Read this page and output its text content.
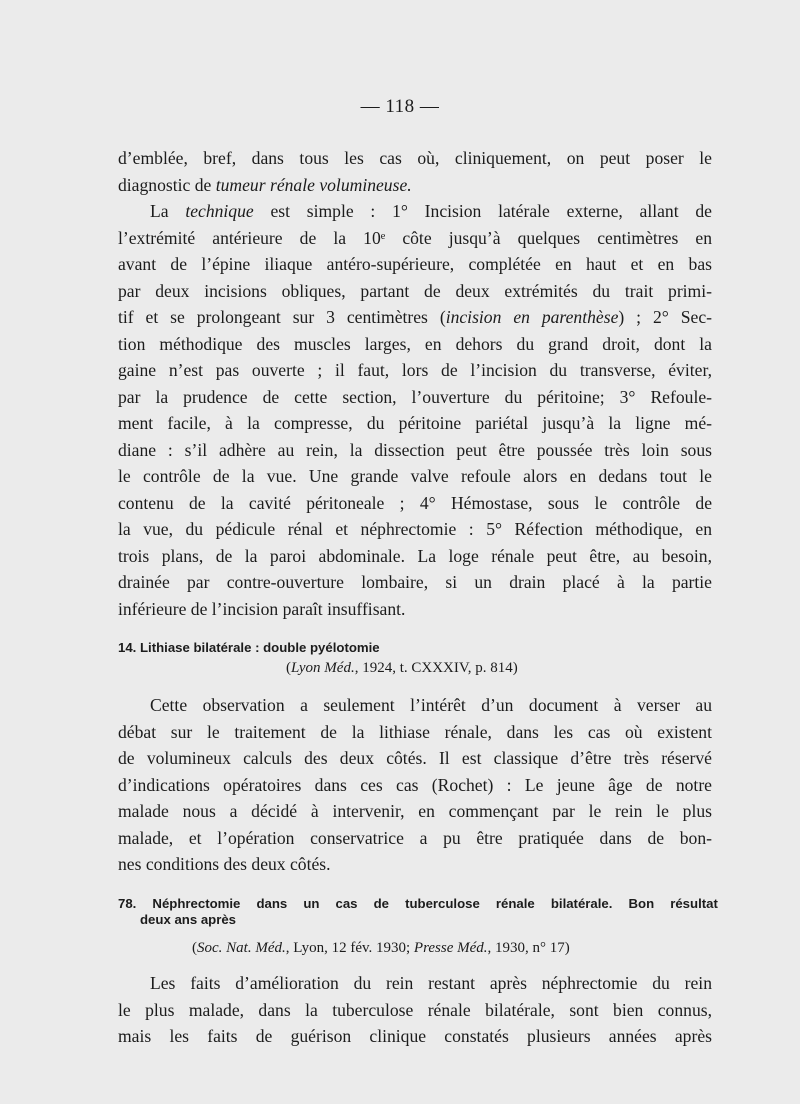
— 118 —
d’emblée, bref, dans tous les cas où, cliniquement, on peut poser le
diagnostic de tumeur rénale volumineuse.
La technique est simple : 1° Incision latérale externe, allant de
l’extrémité antérieure de la 10ᵉ côte jusqu’à quelques centimètres en
avant de l’épine iliaque antéro-supérieure, complétée en haut et en bas
par deux incisions obliques, partant de deux extrémités du trait primi-
tif et se prolongeant sur 3 centimètres (incision en parenthèse) ; 2° Sec-
tion méthodique des muscles larges, en dehors du grand droit, dont la
gaine n’est pas ouverte ; il faut, lors de l’incision du transverse, éviter,
par la prudence de cette section, l’ouverture du péritoine; 3° Refoule-
ment facile, à la compresse, du péritoine pariétal jusqu’à la ligne mé-
diane : s’il adhère au rein, la dissection peut être poussée très loin sous
le contrôle de la vue. Une grande valve refoule alors en dedans tout le
contenu de la cavité péritoneale ; 4° Hémostase, sous le contrôle de
la vue, du pédicule rénal et néphrectomie : 5° Réfection méthodique, en
trois plans, de la paroi abdominale. La loge rénale peut être, au besoin,
drainée par contre-ouverture lombaire, si un drain placé à la partie
inférieure de l’incision paraît insuffisant.
14. Lithiase bilatérale : double pyélotomie
(Lyon Méd., 1924, t. CXXXIV, p. 814)
Cette observation a seulement l’intérêt d’un document à verser au
débat sur le traitement de la lithiase rénale, dans les cas où existent
de volumineux calculs des deux côtés. Il est classique d’être très réservé
d’indications opératoires dans ces cas (Rochet) : Le jeune âge de notre
malade nous a décidé à intervenir, en commençant par le rein le plus
malade, et l’opération conservatrice a pu être pratiquée dans de bon-
nes conditions des deux côtés.
78. Néphrectomie dans un cas de tuberculose rénale bilatérale. Bon résultat
deux ans après
(Soc. Nat. Méd., Lyon, 12 fév. 1930; Presse Méd., 1930, n° 17)
Les faits d’amélioration du rein restant après néphrectomie du rein
le plus malade, dans la tuberculose rénale bilatérale, sont bien connus,
mais les faits de guérison clinique constatés plusieurs années après
